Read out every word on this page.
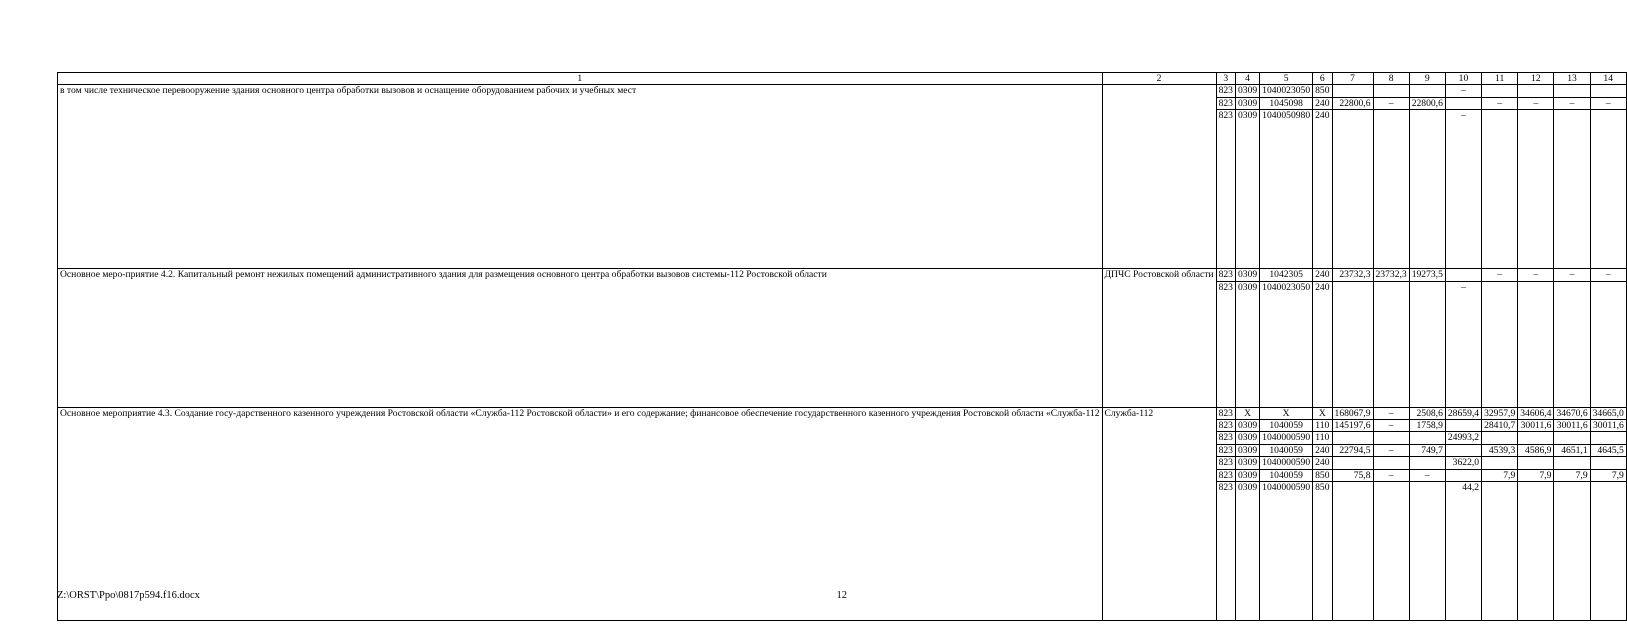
1	2	3	4	5	6	7	8	9	10	11	12	13	14
в том числе техническое перевооружение здания основного центра обработки вызовов и оснащение оборудованием рабочих и учебных мест		823	0309	1040023050	850				–				
		823	0309	1045098	240	22800,6	–	22800,6		–	–	–	–
		823	0309	1040050980	240				–				
Основное меро-приятие 4.2. Капитальный ремонт нежилых помещений административного здания для размещения основного центра обработки вызовов системы-112 Ростовской области	ДПЧС Ростовской области	823	0309	1042305	240	23732,3	23732,3	19273,5		–	–	–	–
		823	0309	1040023050	240				–				
Основное мероприятие 4.3. Создание госу-дарственного казенного учреждения Ростовской области «Служба-112 Ростовской области» и его содержание; финансовое обеспечение государственного казенного учреждения Ростовской области «Служба-112	Служба-112	823	X	X	X	168067,9	–	2508,6	28659,4	32957,9	34606,4	34670,6	34665,0
		823	0309	1040059	110	145197,6	–	1758,9		28410,7	30011,6	30011,6	30011,6
		823	0309	1040000590	110				24993,2				
		823	0309	1040059	240	22794,5	–	749,7		4539,3	4586,9	4651,1	4645,5
		823	0309	1040000590	240				3622,0				
		823	0309	1040059	850	75,8	–	–		7,9	7,9	7,9	7,9
		823	0309	1040000590	850				44,2				
Z:\ORST\Ppo\0817p594.f16.docx	12
